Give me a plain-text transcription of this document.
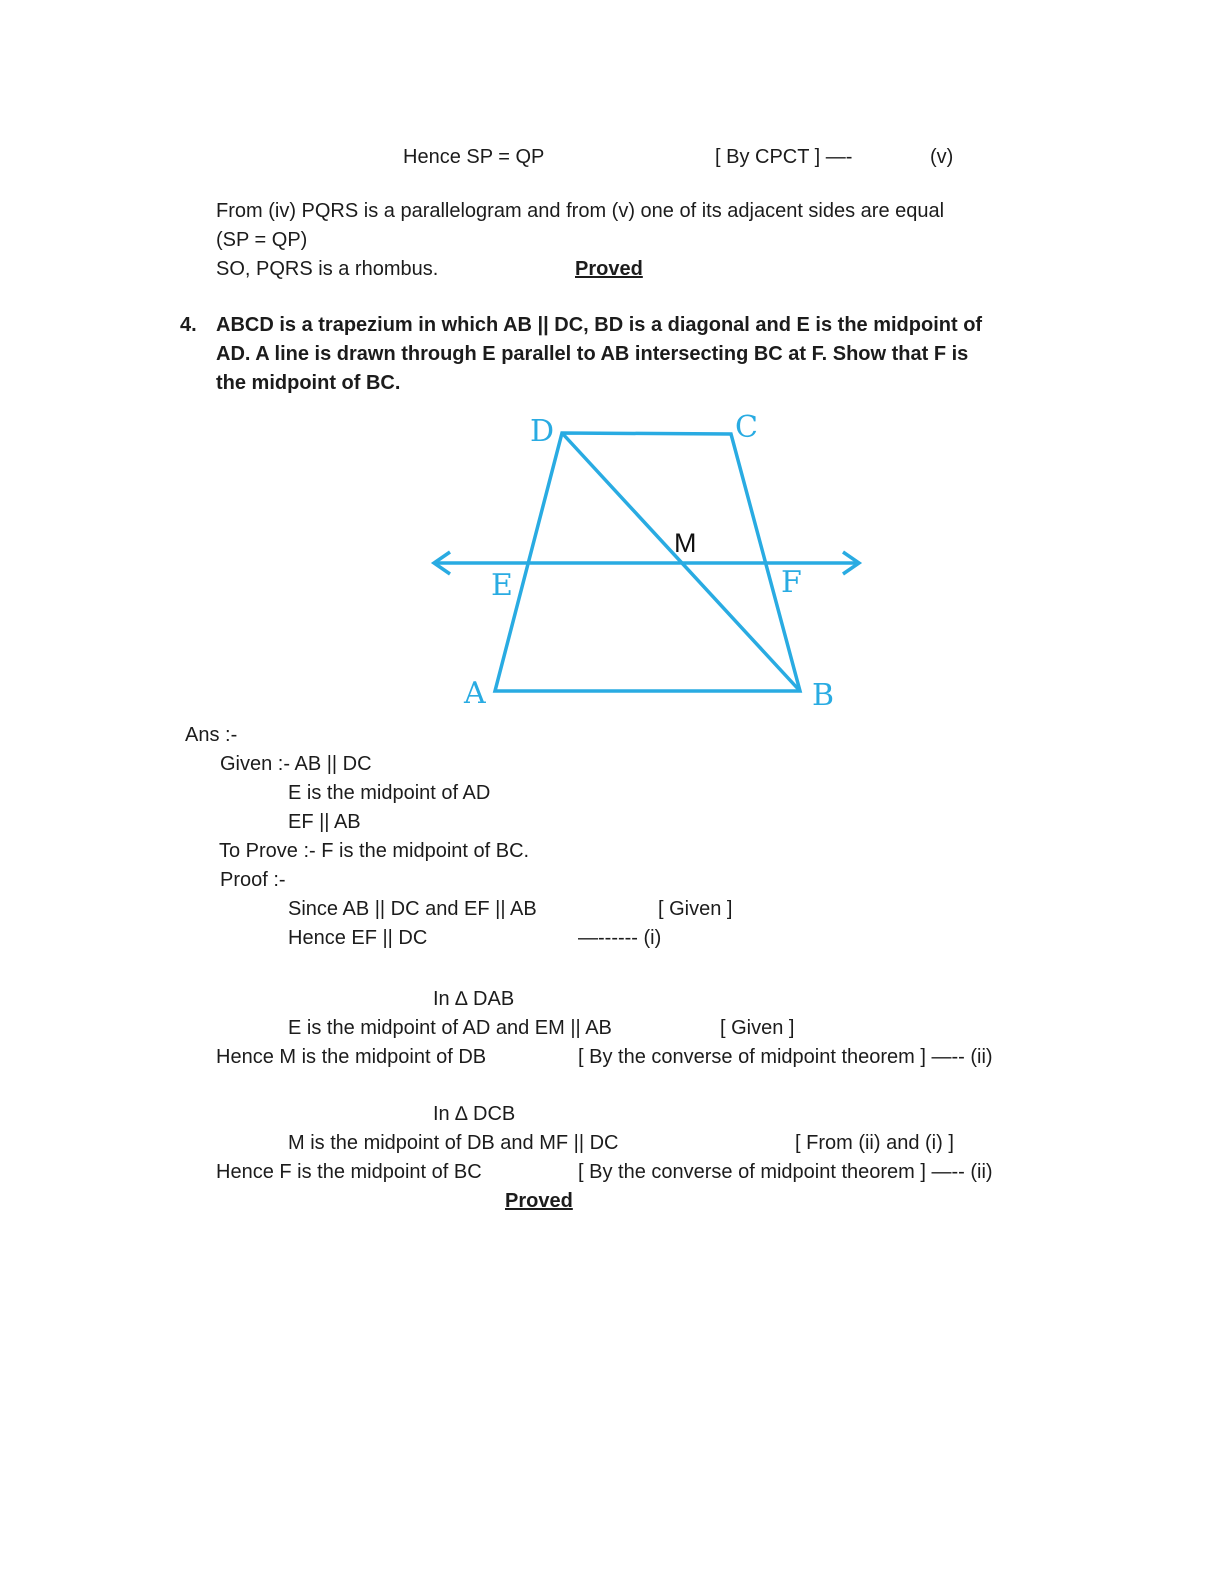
Hence SP = QP	[ By CPCT ] —-	(v)
From (iv) PQRS is a parallelogram and from (v) one of its adjacent sides are equal
(SP = QP)
SO, PQRS is a rhombus.	Proved
4. ABCD is a trapezium in which AB || DC, BD is a diagonal and E is the midpoint of
AD. A line is drawn through E parallel to AB intersecting BC at F. Show that F is
the midpoint of BC.
D	C
A	B
E	F
M
Ans :-
Given :- AB || DC
E is the midpoint of AD
EF || AB
To Prove :- F is the midpoint of BC.
Proof :-
Since AB || DC and EF || AB	[ Given ]
Hence EF || DC	—------ (i)
In ∆ DAB
E is the midpoint of AD and EM || AB	[ Given ]
Hence M is the midpoint of DB	[ By the converse of midpoint theorem ] —-- (ii)
In ∆ DCB
M is the midpoint of DB and MF || DC	[ From (ii) and (i) ]
Hence F is the midpoint of BC	[ By the converse of midpoint theorem ] —-- (ii)
Proved
